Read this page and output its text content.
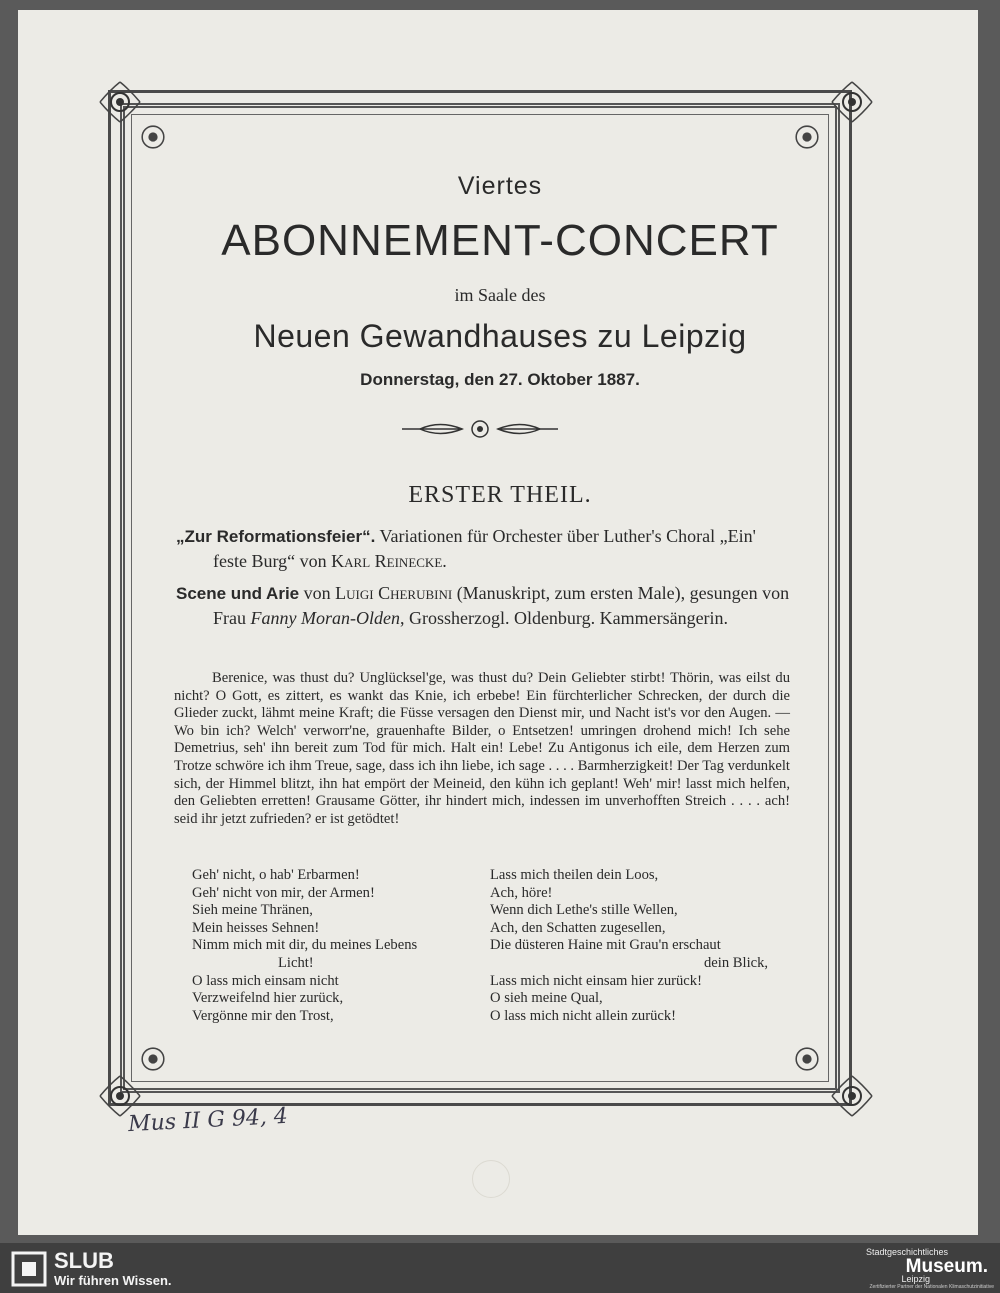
Viertes
ABONNEMENT-CONCERT
im Saale des
Neuen Gewandhauses zu Leipzig
Donnerstag, den 27. Oktober 1887.
ERSTER THEIL.

„Zur Reformationsfeier“. Variationen für Orchester über Luther's Choral „Ein' feste Burg“ von Karl Reinecke.

Scene und Arie von Luigi Cherubini (Manuskript, zum ersten Male), gesungen von Frau Fanny Moran-Olden, Grossherzogl. Oldenburg. Kammersängerin.

Berenice, was thust du? Unglücksel'ge, was thust du? Dein Geliebter stirbt! Thörin, was eilst du nicht? O Gott, es zittert, es wankt das Knie, ich erbebe! Ein fürchterlicher Schrecken, der durch die Glieder zuckt, lähmt meine Kraft; die Füsse versagen den Dienst mir, und Nacht ist's vor den Augen. — Wo bin ich? Welch' verworr'ne, grauenhafte Bilder, o Entsetzen! umringen drohend mich! Ich sehe Demetrius, seh' ihn bereit zum Tod für mich. Halt ein! Lebe! Zu Antigonus ich eile, dem Herzen zum Trotze schwöre ich ihm Treue, sage, dass ich ihn liebe, ich sage . . . . Barmherzigkeit! Der Tag verdunkelt sich, der Himmel blitzt, ihn hat empört der Meineid, den kühn ich geplant! Weh' mir! lasst mich helfen, den Geliebten erretten! Grausame Götter, ihr hindert mich, indessen im unverhofften Streich . . . . ach! seid ihr jetzt zufrieden? er ist getödtet!

Geh' nicht, o hab' Erbarmen!
Geh' nicht von mir, der Armen!
Sieh meine Thränen,
Mein heisses Sehnen!
Nimm mich mit dir, du meines Lebens
Licht!
O lass mich einsam nicht
Verzweifelnd hier zurück,
Vergönne mir den Trost,
Lass mich theilen dein Loos,
Ach, höre!
Wenn dich Lethe's stille Wellen,
Ach, den Schatten zugesellen,
Die düsteren Haine mit Grau'n erschaut
dein Blick,
Lass mich nicht einsam hier zurück!
O sieh meine Qual,
O lass mich nicht allein zurück!
Mus II G 94, 4
SLUB
Wir führen Wissen.
Stadtgeschichtliches
Museum.
Leipzig
Zertifizierter Partner der Nationalen Klimaschutzinitiative
